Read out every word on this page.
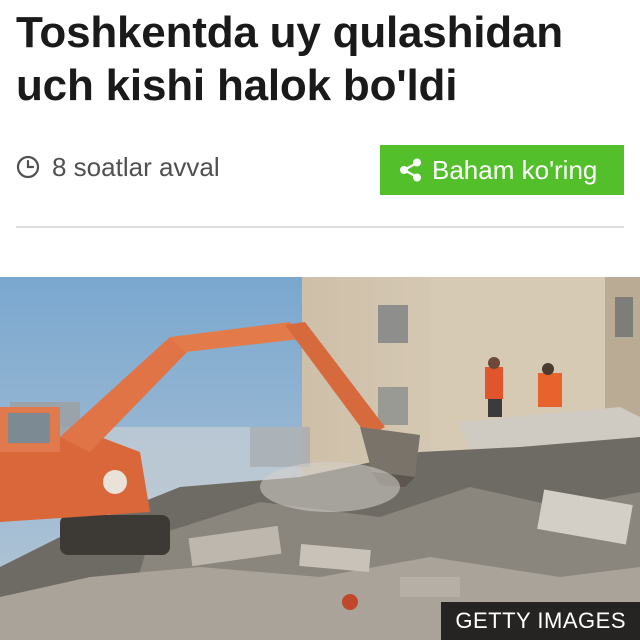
Toshkentda uy qulashidan uch kishi halok bo'ldi
8 soatlar avval	Baham ko'ring
GETTY IMAGES
